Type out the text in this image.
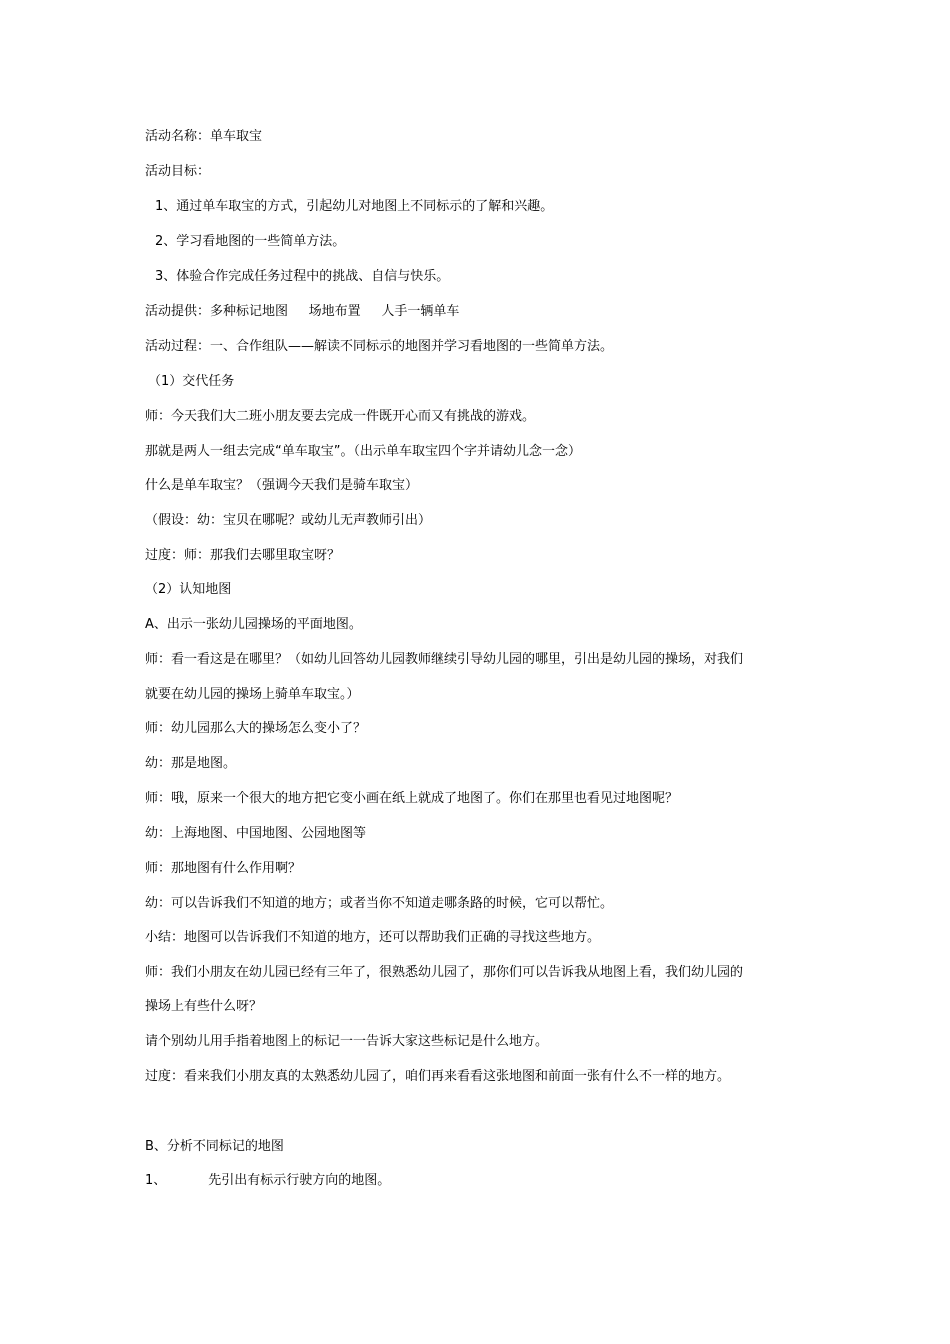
活动名称：单车取宝
活动目标：
1、通过单车取宝的方式，引起幼儿对地图上不同标示的了解和兴趣。
2、学习看地图的一些简单方法。
3、体验合作完成任务过程中的挑战、自信与快乐。
活动提供：多种标记地图     场地布置     人手一辆单车
活动过程：一、合作组队——解读不同标示的地图并学习看地图的一些简单方法。
（1）交代任务
师：今天我们大二班小朋友要去完成一件既开心而又有挑战的游戏。
那就是两人一组去完成“单车取宝”。（出示单车取宝四个字并请幼儿念一念）
什么是单车取宝？（强调今天我们是骑车取宝）
（假设：幼：宝贝在哪呢？或幼儿无声教师引出）
过度：师：那我们去哪里取宝呀？
（2）认知地图
A、出示一张幼儿园操场的平面地图。
师：看一看这是在哪里？（如幼儿回答幼儿园教师继续引导幼儿园的哪里，引出是幼儿园的操场，对我们
就要在幼儿园的操场上骑单车取宝。）
师：幼儿园那么大的操场怎么变小了？
幼：那是地图。
师：哦，原来一个很大的地方把它变小画在纸上就成了地图了。你们在那里也看见过地图呢？
幼：上海地图、中国地图、公园地图等
师：那地图有什么作用啊？
幼：可以告诉我们不知道的地方；或者当你不知道走哪条路的时候，它可以帮忙。
小结：地图可以告诉我们不知道的地方，还可以帮助我们正确的寻找这些地方。
师：我们小朋友在幼儿园已经有三年了，很熟悉幼儿园了，那你们可以告诉我从地图上看，我们幼儿园的
操场上有些什么呀？
请个别幼儿用手指着地图上的标记一一告诉大家这些标记是什么地方。
过度：看来我们小朋友真的太熟悉幼儿园了，咱们再来看看这张地图和前面一张有什么不一样的地方。
B、分析不同标记的地图
1、	先引出有标示行驶方向的地图。
